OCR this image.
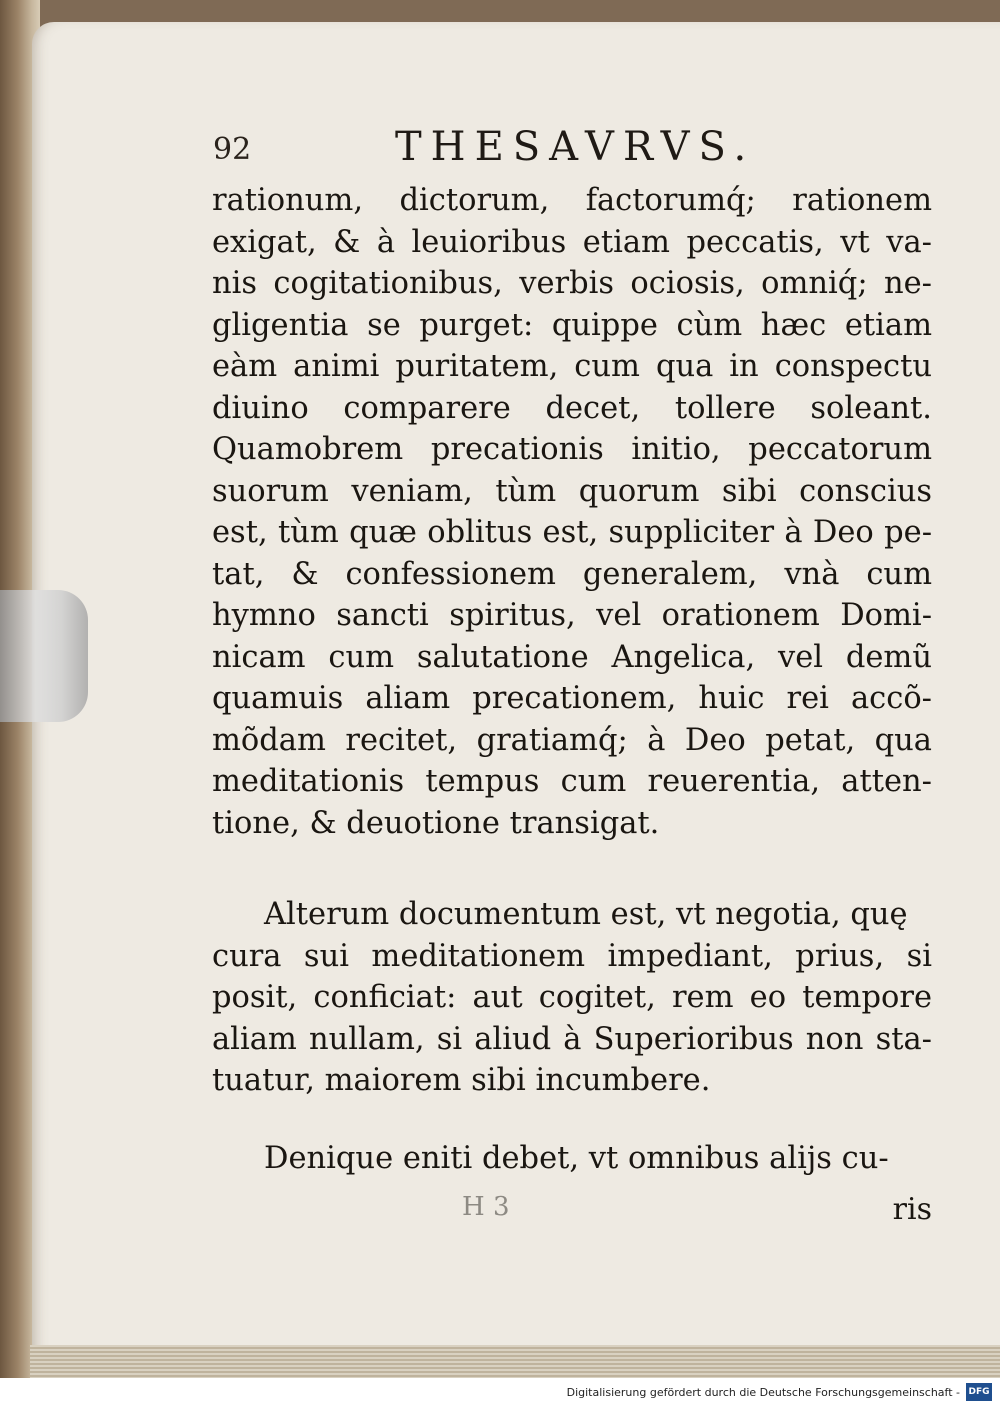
92	THESAVRVS.
rationum, dictorum, factorumq́; rationem
exigat, & à leuioribus etiam peccatis, vt va-
nis cogitationibus, verbis ociosis, omniq́; ne-
gligentia se purget: quippe cùm hæc etiam
eàm animi puritatem, cum qua in conspectu
diuino comparere decet, tollere soleant.
Quamobrem precationis initio, peccatorum
suorum veniam, tùm quorum sibi conscius
est, tùm quæ oblitus est, suppliciter à Deo pe-
tat, & confessionem generalem, vnà cum
hymno sancti spiritus, vel orationem Domi-
nicam cum salutatione Angelica, vel demũ
quamuis aliam precationem, huic rei accõ-
mõdam recitet, gratiamq́; à Deo petat, qua
meditationis tempus cum reuerentia, atten-
tione, & deuotione transigat.
Alterum documentum est, vt negotia, quę
cura sui meditationem impediant, prius, si
posit, conficiat: aut cogitet, rem eo tempore
aliam nullam, si aliud à Superioribus non sta-
tuatur, maiorem sibi incumbere.
Denique eniti debet, vt omnibus alijs cu-
H 3	ris
Digitalisierung gefördert durch die Deutsche Forschungsgemeinschaft - DFG
